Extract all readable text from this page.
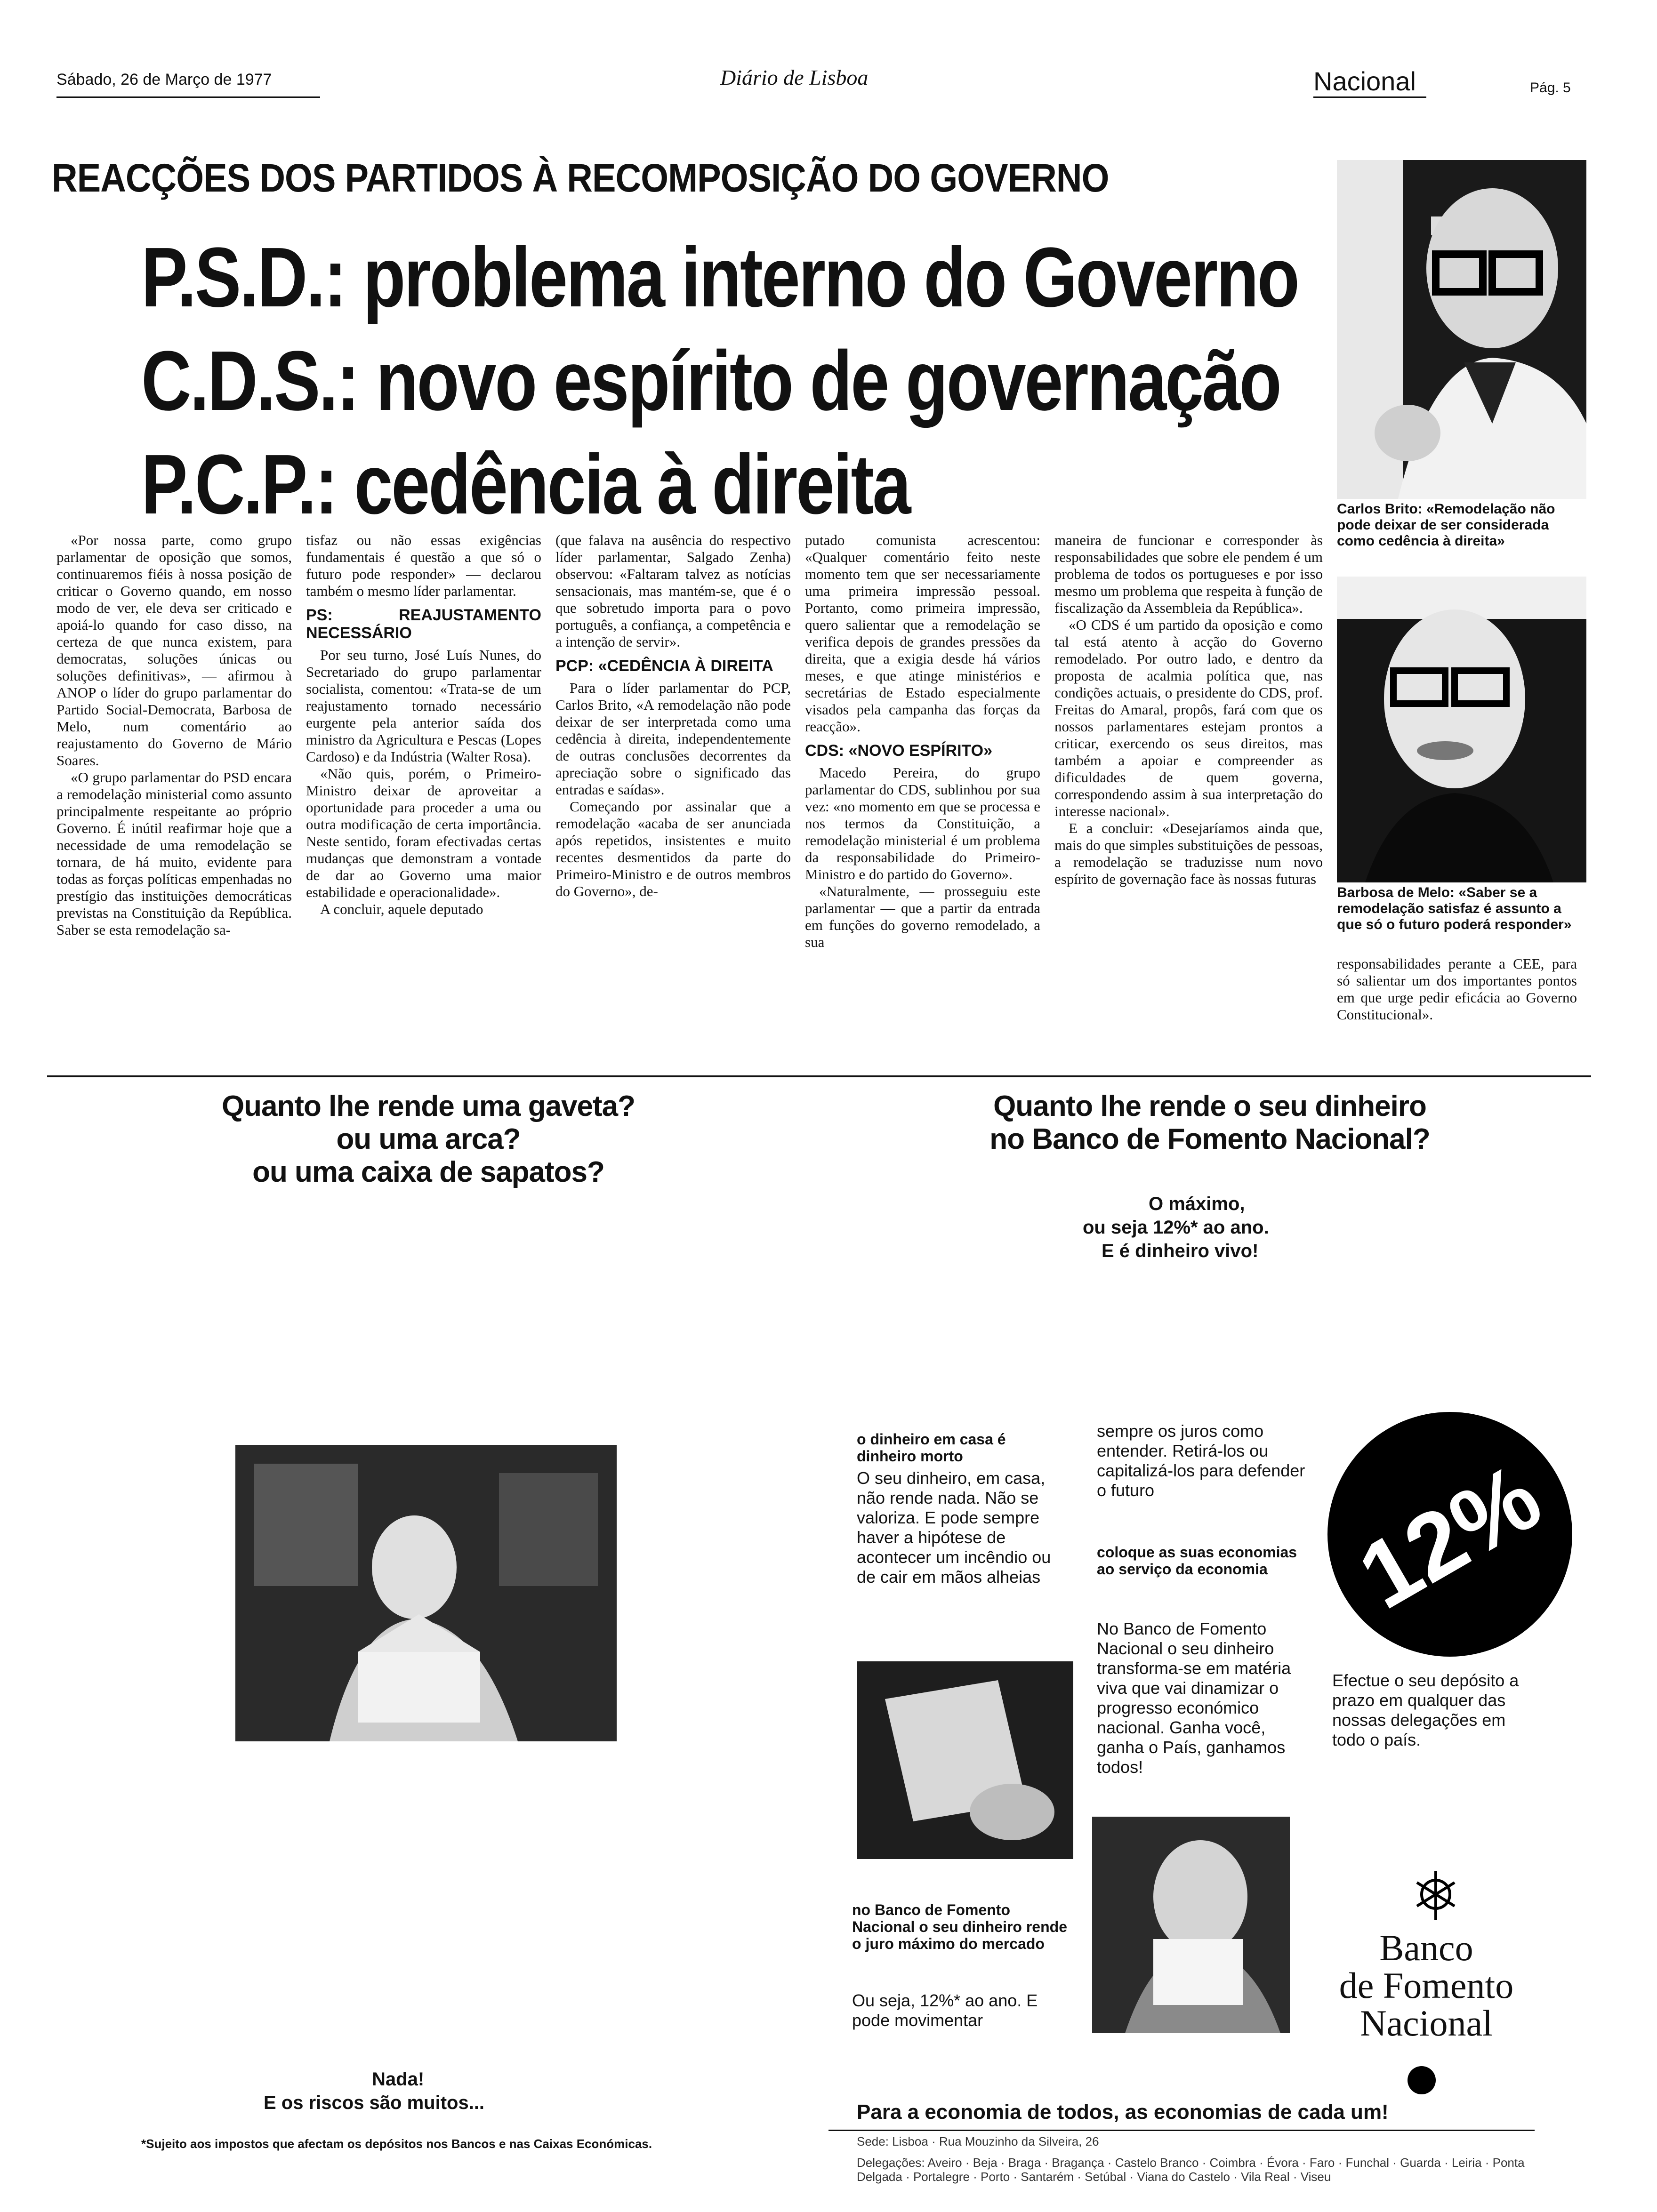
Sábado, 26 de Março de 1977	Diário de Lisboa	Nacional	Pág. 5
REACÇÕES DOS PARTIDOS À RECOMPOSIÇÃO DO GOVERNO
P.S.D.: problema interno do Governo
C.D.S.: novo espírito de governação
P.C.P.: cedência à direita	Carlos Brito: «Remodelação não pode deixar de ser considerada como cedência à direita»
Barbosa de Melo: «Saber se a remodelação satisfaz é assunto a que só o futuro poderá responder»

«Por nossa parte, como grupo parlamentar de oposição que somos, continuaremos fiéis à nossa posição de criticar o Governo quando, em nosso modo de ver, ele deva ser criticado e apoiá-lo quando for caso disso, na certeza de que nunca existem, para democratas, soluções únicas ou soluções definitivas», — afirmou à ANOP o líder do grupo parlamentar do Partido Social-Democrata, Barbosa de Melo, num comentário ao reajustamento do Governo de Mário Soares.

«O grupo parlamentar do PSD encara a remodelação ministerial como assunto principalmente respeitante ao próprio Governo. É inútil reafirmar hoje que a necessidade de uma remodelação se tornara, de há muito, evidente para todas as forças políticas empenhadas no prestígio das instituições democráticas previstas na Constituição da República. Saber se esta remodelação sa-

tisfaz ou não essas exigências fundamentais é questão a que só o futuro pode responder» — declarou também o mesmo líder parlamentar.

PS: REAJUSTAMENTO NECESSÁRIO

Por seu turno, José Luís Nunes, do Secretariado do grupo parlamentar socialista, comentou: «Trata-se de um reajustamento tornado necessário eurgente pela anterior saída dos ministro da Agricultura e Pescas (Lopes Cardoso) e da Indústria (Walter Rosa).

«Não quis, porém, o Primeiro-Ministro deixar de aproveitar a oportunidade para proceder a uma ou outra modificação de certa importância. Neste sentido, foram efectivadas certas mudanças que demonstram a vontade de dar ao Governo uma maior estabilidade e operacionalidade».

A concluir, aquele deputado

(que falava na ausência do respectivo líder parlamentar, Salgado Zenha) observou: «Faltaram talvez as notícias sensacionais, mas mantém-se, que é o que sobretudo importa para o povo português, a confiança, a competência e a intenção de servir».

PCP: «CEDÊNCIA À DIREITA

Para o líder parlamentar do PCP, Carlos Brito, «A remodelação não pode deixar de ser interpretada como uma cedência à direita, independentemente de outras conclusões decorrentes da apreciação sobre o significado das entradas e saídas».

Começando por assinalar que a remodelação «acaba de ser anunciada após repetidos, insistentes e muito recentes desmentidos da parte do Primeiro-Ministro e de outros membros do Governo», de-

putado comunista acrescentou: «Qualquer comentário feito neste momento tem que ser necessariamente uma primeira impressão pessoal. Portanto, como primeira impressão, quero salientar que a remodelação se verifica depois de grandes pressões da direita, que a exigia desde há vários meses, e que atinge ministérios e secretárias de Estado especialmente visados pela campanha das forças da reacção».

CDS: «NOVO ESPÍRITO»

Macedo Pereira, do grupo parlamentar do CDS, sublinhou por sua vez: «no momento em que se processa e nos termos da Constituição, a remodelação ministerial é um problema da responsabilidade do Primeiro-Ministro e do partido do Governo».

«Naturalmente, — prosseguiu este parlamentar — que a partir da entrada em funções do governo remodelado, a sua

maneira de funcionar e corresponder às responsabilidades que sobre ele pendem é um problema de todos os portugueses e por isso mesmo um problema que respeita à função de fiscalização da Assembleia da República».

«O CDS é um partido da oposição e como tal está atento à acção do Governo remodelado. Por outro lado, e dentro da proposta de acalmia política que, nas condições actuais, o presidente do CDS, prof. Freitas do Amaral, propôs, fará com que os nossos parlamentares estejam prontos a criticar, exercendo os seus direitos, mas também a apoiar e compreender as dificuldades de quem governa, correspondendo assim à sua interpretação do interesse nacional».

E a concluir: «Desejaríamos ainda que, mais do que simples substituições de pessoas, a remodelação se traduzisse num novo espírito de governação face às nossas futuras

responsabilidades perante a CEE, para só salientar um dos importantes pontos em que urge pedir eficácia ao Governo Constitucional».

Quanto lhe rende uma gaveta?
ou uma arca?
ou uma caixa de sapatos?
Quanto lhe rende o seu dinheiro
no Banco de Fomento Nacional?
O máximo,
ou seja 12%* ao ano.
E é dinheiro vivo!
o dinheiro em casa é dinheiro morto
O seu dinheiro, em casa, não rende nada. Não se valoriza. E pode sempre haver a hipótese de acontecer um incêndio ou de cair em mãos alheias
no Banco de Fomento Nacional o seu dinheiro rende o juro máximo do mercado
Ou seja, 12%* ao ano. E pode movimentar
sempre os juros como entender. Retirá-los ou capitalizá-los para defender o futuro
coloque as suas economias ao serviço da economia
No Banco de Fomento Nacional o seu dinheiro transforma-se em matéria viva que vai dinamizar o progresso económico nacional. Ganha você, ganha o País, ganhamos todos!
12%
Efectue o seu depósito a prazo em qualquer das nossas delegações em todo o país.
Banco
de Fomento
Nacional
Nada!
E os riscos são muitos...
*Sujeito aos impostos que afectam os depósitos nos Bancos e nas Caixas Económicas.
Para a economia de todos, as economias de cada um!
Sede: Lisboa · Rua Mouzinho da Silveira, 26
Delegações: Aveiro · Beja · Braga · Bragança · Castelo Branco · Coimbra · Évora · Faro · Funchal · Guarda · Leiria · Ponta Delgada · Portalegre · Porto · Santarém · Setúbal · Viana do Castelo · Vila Real · Viseu
